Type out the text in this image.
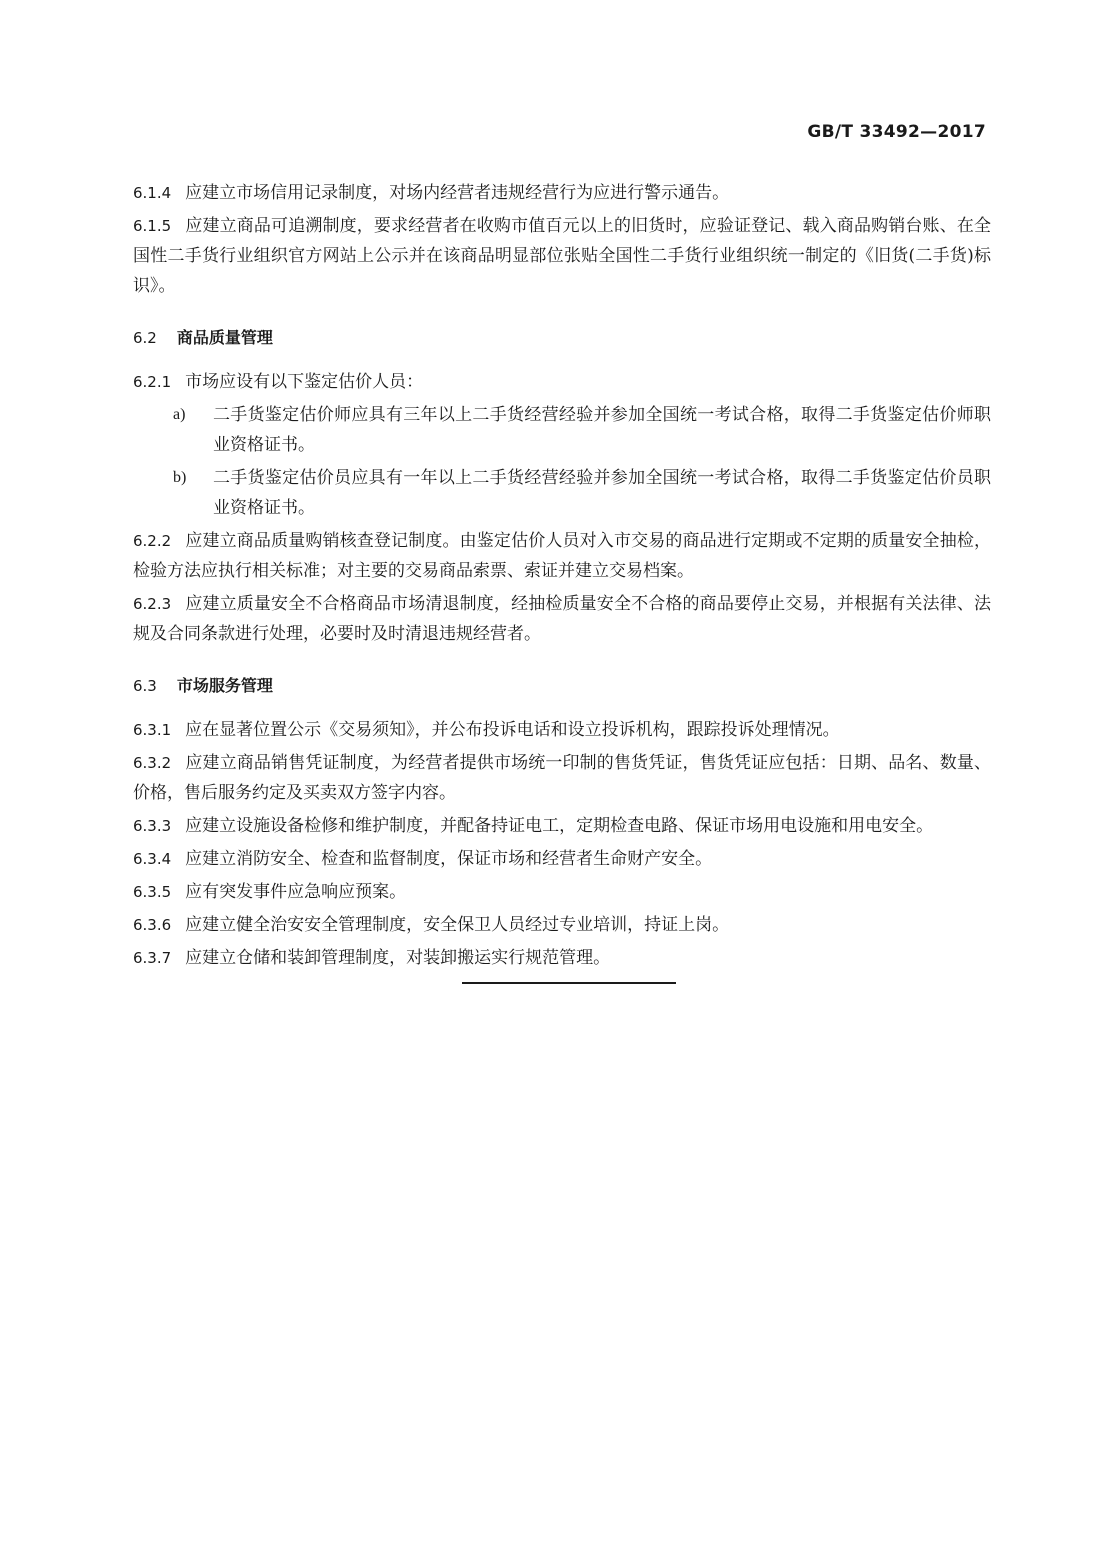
GB/T 33492—2017

6.1.4 应建立市场信用记录制度，对场内经营者违规经营行为应进行警示通告。

6.1.5 应建立商品可追溯制度，要求经营者在收购市值百元以上的旧货时，应验证登记、载入商品购销台账、在全国性二手货行业组织官方网站上公示并在该商品明显部位张贴全国性二手货行业组织统一制定的《旧货(二手货)标识》。

6.2 商品质量管理

6.2.1 市场应设有以下鉴定估价人员：

a)	二手货鉴定估价师应具有三年以上二手货经营经验并参加全国统一考试合格，取得二手货鉴定估价师职业资格证书。
b)	二手货鉴定估价员应具有一年以上二手货经营经验并参加全国统一考试合格，取得二手货鉴定估价员职业资格证书。

6.2.2 应建立商品质量购销核查登记制度。由鉴定估价人员对入市交易的商品进行定期或不定期的质量安全抽检，检验方法应执行相关标准；对主要的交易商品索票、索证并建立交易档案。

6.2.3 应建立质量安全不合格商品市场清退制度，经抽检质量安全不合格的商品要停止交易，并根据有关法律、法规及合同条款进行处理，必要时及时清退违规经营者。

6.3 市场服务管理

6.3.1 应在显著位置公示《交易须知》，并公布投诉电话和设立投诉机构，跟踪投诉处理情况。

6.3.2 应建立商品销售凭证制度，为经营者提供市场统一印制的售货凭证，售货凭证应包括：日期、品名、数量、价格，售后服务约定及买卖双方签字内容。

6.3.3 应建立设施设备检修和维护制度，并配备持证电工，定期检查电路、保证市场用电设施和用电安全。

6.3.4 应建立消防安全、检查和监督制度，保证市场和经营者生命财产安全。

6.3.5 应有突发事件应急响应预案。

6.3.6 应建立健全治安安全管理制度，安全保卫人员经过专业培训，持证上岗。

6.3.7 应建立仓储和装卸管理制度，对装卸搬运实行规范管理。
